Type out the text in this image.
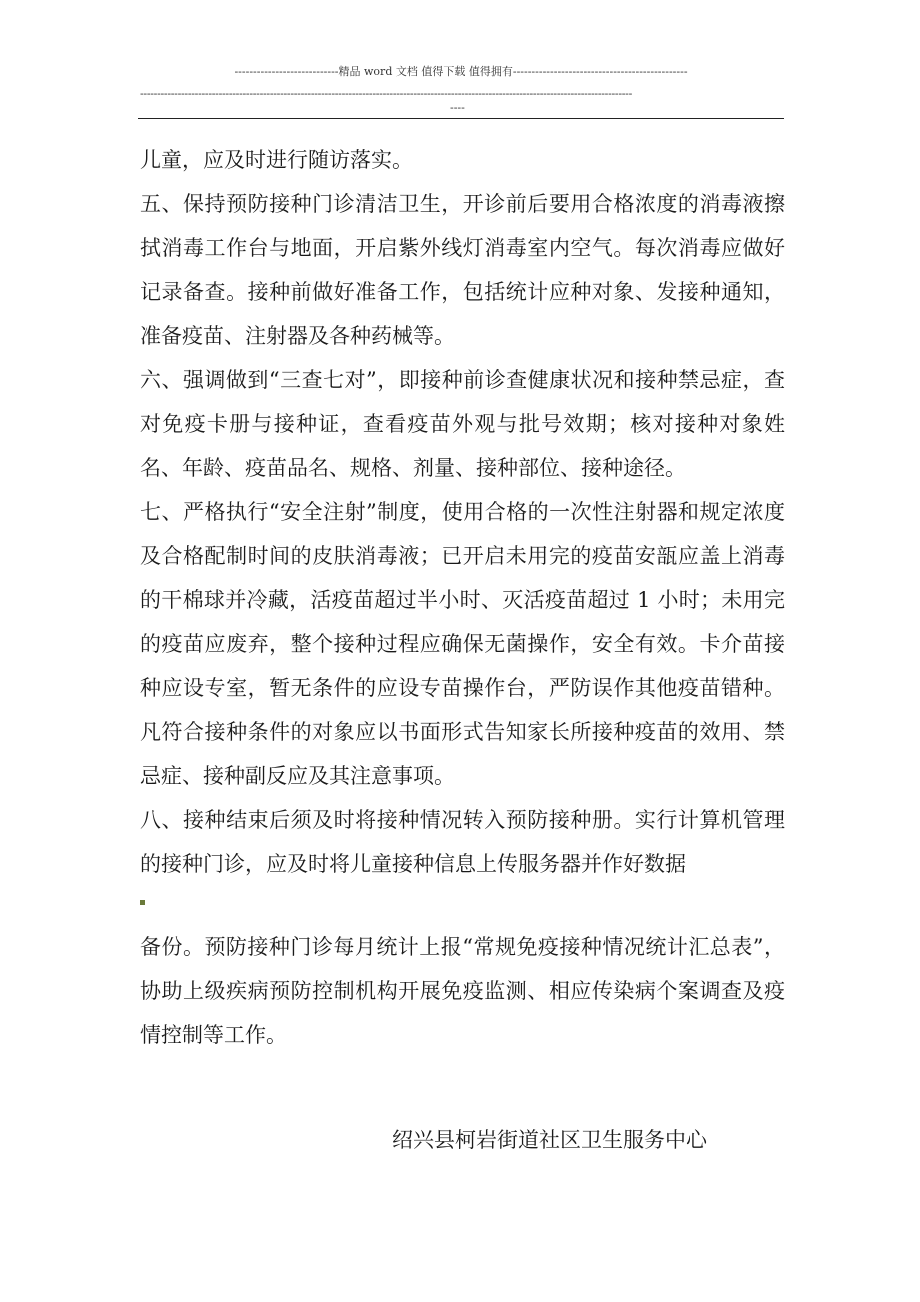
----------------------------精品 word 文档 值得下载 值得拥有-----------------------------------------------
------------------------------------------------------------------------------------------------------------------------------------------------
----

儿童，应及时进行随访落实。

五、保持预防接种门诊清洁卫生，开诊前后要用合格浓度的消毒液擦拭消毒工作台与地面，开启紫外线灯消毒室内空气。每次消毒应做好记录备查。接种前做好准备工作，包括统计应种对象、发接种通知，准备疫苗、注射器及各种药械等。

六、强调做到“三查七对”，即接种前诊查健康状况和接种禁忌症，查对免疫卡册与接种证，查看疫苗外观与批号效期；核对接种对象姓名、年龄、疫苗品名、规格、剂量、接种部位、接种途径。

七、严格执行“安全注射”制度，使用合格的一次性注射器和规定浓度及合格配制时间的皮肤消毒液；已开启未用完的疫苗安瓿应盖上消毒的干棉球并冷藏，活疫苗超过半小时、灭活疫苗超过 1 小时；未用完的疫苗应废弃，整个接种过程应确保无菌操作，安全有效。卡介苗接种应设专室，暂无条件的应设专苗操作台，严防误作其他疫苗错种。凡符合接种条件的对象应以书面形式告知家长所接种疫苗的效用、禁忌症、接种副反应及其注意事项。

八、接种结束后须及时将接种情况转入预防接种册。实行计算机管理的接种门诊，应及时将儿童接种信息上传服务器并作好数据

备份。预防接种门诊每月统计上报“常规免疫接种情况统计汇总表”，协助上级疾病预防控制机构开展免疫监测、相应传染病个案调查及疫情控制等工作。

绍兴县柯岩街道社区卫生服务中心
